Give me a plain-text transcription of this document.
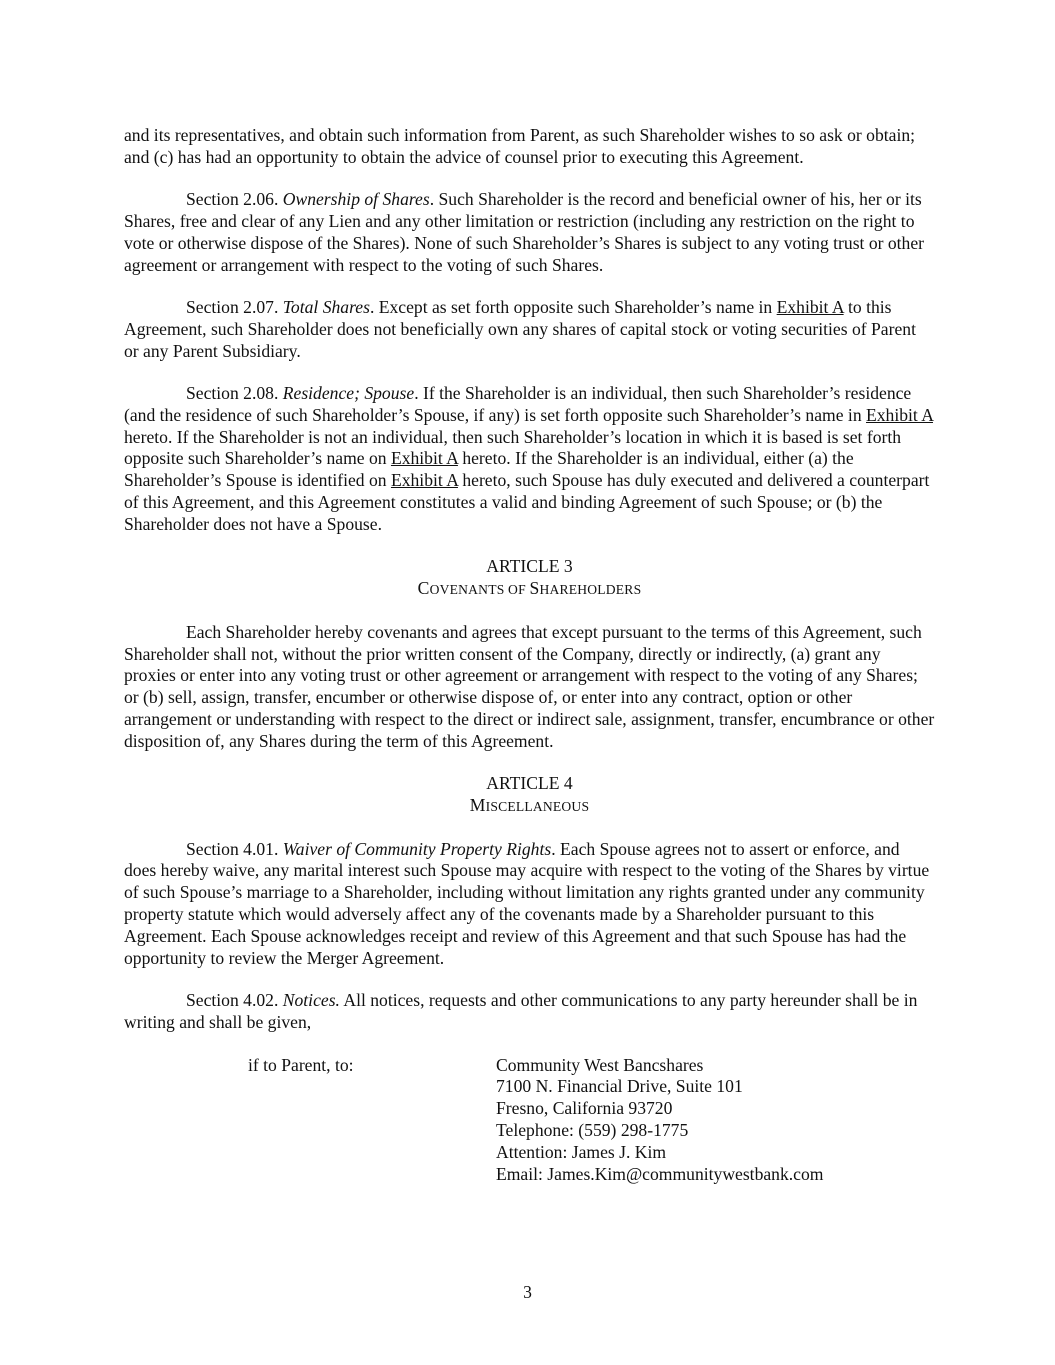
and its representatives, and obtain such information from Parent, as such Shareholder wishes to so ask or obtain; and (c) has had an opportunity to obtain the advice of counsel prior to executing this Agreement.

Section 2.06. Ownership of Shares. Such Shareholder is the record and beneficial owner of his, her or its Shares, free and clear of any Lien and any other limitation or restriction (including any restriction on the right to vote or otherwise dispose of the Shares). None of such Shareholder’s Shares is subject to any voting trust or other agreement or arrangement with respect to the voting of such Shares.

Section 2.07. Total Shares. Except as set forth opposite such Shareholder’s name in Exhibit A to this Agreement, such Shareholder does not beneficially own any shares of capital stock or voting securities of Parent or any Parent Subsidiary.

Section 2.08. Residence; Spouse. If the Shareholder is an individual, then such Shareholder’s residence (and the residence of such Shareholder’s Spouse, if any) is set forth opposite such Shareholder’s name in Exhibit A hereto. If the Shareholder is not an individual, then such Shareholder’s location in which it is based is set forth opposite such Shareholder’s name on Exhibit A hereto. If the Shareholder is an individual, either (a) the Shareholder’s Spouse is identified on Exhibit A hereto, such Spouse has duly executed and delivered a counterpart of this Agreement, and this Agreement constitutes a valid and binding Agreement of such Spouse; or (b) the Shareholder does not have a Spouse.

ARTICLE 3

COVENANTS OF SHAREHOLDERS

Each Shareholder hereby covenants and agrees that except pursuant to the terms of this Agreement, such Shareholder shall not, without the prior written consent of the Company, directly or indirectly, (a) grant any proxies or enter into any voting trust or other agreement or arrangement with respect to the voting of any Shares; or (b) sell, assign, transfer, encumber or otherwise dispose of, or enter into any contract, option or other arrangement or understanding with respect to the direct or indirect sale, assignment, transfer, encumbrance or other disposition of, any Shares during the term of this Agreement.

ARTICLE 4

MISCELLANEOUS

Section 4.01. Waiver of Community Property Rights. Each Spouse agrees not to assert or enforce, and does hereby waive, any marital interest such Spouse may acquire with respect to the voting of the Shares by virtue of such Spouse’s marriage to a Shareholder, including without limitation any rights granted under any community property statute which would adversely affect any of the covenants made by a Shareholder pursuant to this Agreement. Each Spouse acknowledges receipt and review of this Agreement and that such Spouse has had the opportunity to review the Merger Agreement.

Section 4.02. Notices. All notices, requests and other communications to any party hereunder shall be in writing and shall be given,

if to Parent, to:	Community West Bancshares
7100 N. Financial Drive, Suite 101
Fresno, California 93720
Telephone: (559) 298-1775
Attention: James J. Kim
Email: James.Kim@communitywestbank.com
3
